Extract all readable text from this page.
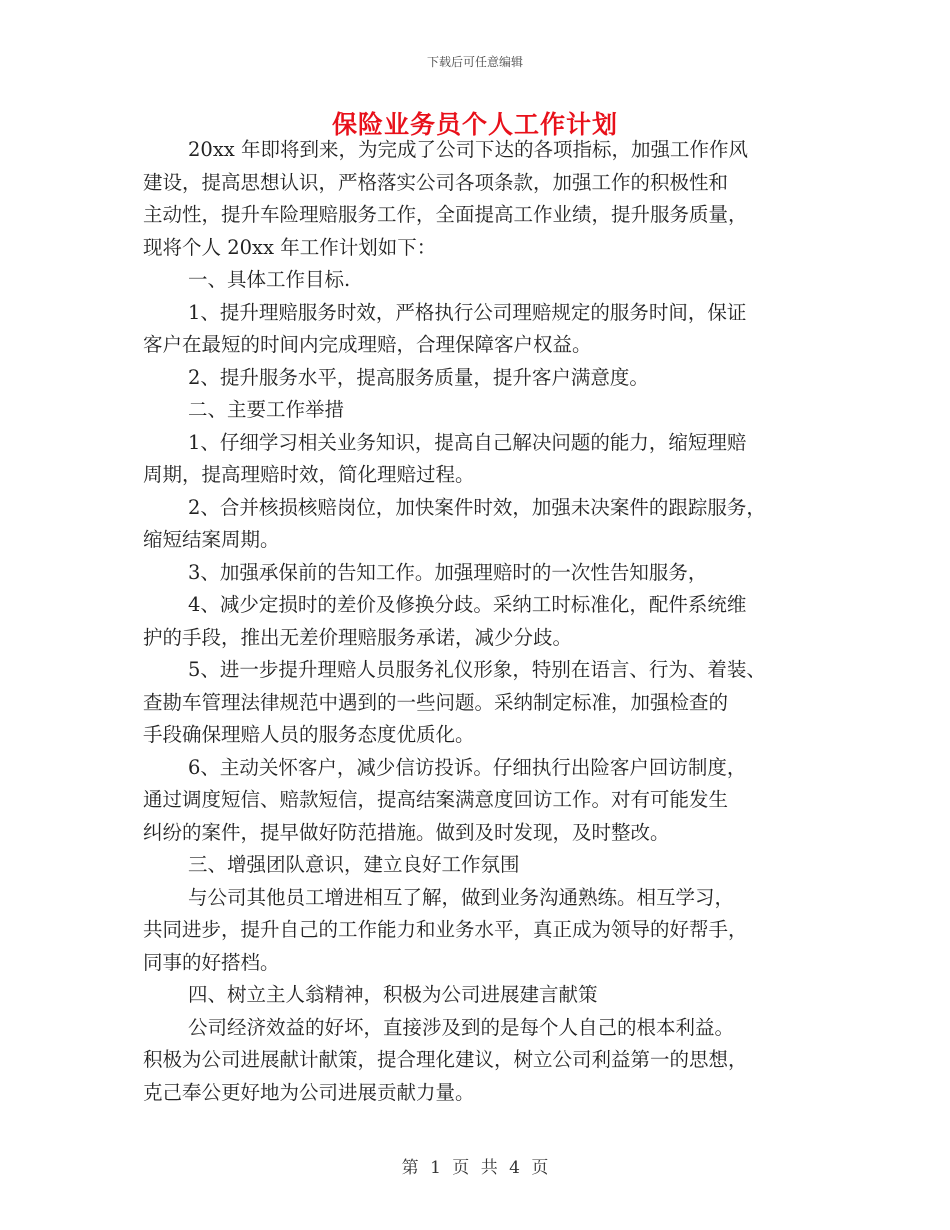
下载后可任意编辑
保险业务员个人工作计划

20xx 年即将到来，为完成了公司下达的各项指标，加强工作作风

建设，提高思想认识，严格落实公司各项条款，加强工作的积极性和

主动性，提升车险理赔服务工作，全面提高工作业绩，提升服务质量，

现将个人 20xx 年工作计划如下：

一、具体工作目标.

1、提升理赔服务时效，严格执行公司理赔规定的服务时间，保证

客户在最短的时间内完成理赔，合理保障客户权益。

2、提升服务水平，提高服务质量，提升客户满意度。

二、主要工作举措

1、仔细学习相关业务知识，提高自己解决问题的能力，缩短理赔

周期，提高理赔时效，简化理赔过程。

2、合并核损核赔岗位，加快案件时效，加强未决案件的跟踪服务，

缩短结案周期。

3、加强承保前的告知工作。加强理赔时的一次性告知服务，

4、减少定损时的差价及修换分歧。采纳工时标准化，配件系统维

护的手段，推出无差价理赔服务承诺，减少分歧。

5、进一步提升理赔人员服务礼仪形象，特别在语言、行为、着装、

查勘车管理法律规范中遇到的一些问题。采纳制定标准，加强检查的

手段确保理赔人员的服务态度优质化。

6、主动关怀客户，减少信访投诉。仔细执行出险客户回访制度，

通过调度短信、赔款短信，提高结案满意度回访工作。对有可能发生

纠纷的案件，提早做好防范措施。做到及时发现，及时整改。

三、增强团队意识，建立良好工作氛围

与公司其他员工增进相互了解，做到业务沟通熟练。相互学习，

共同进步，提升自己的工作能力和业务水平，真正成为领导的好帮手，

同事的好搭档。

四、树立主人翁精神，积极为公司进展建言献策

公司经济效益的好坏，直接涉及到的是每个人自己的根本利益。

积极为公司进展献计献策，提合理化建议，树立公司利益第一的思想，

克己奉公更好地为公司进展贡献力量。

第 1 页 共 4 页
